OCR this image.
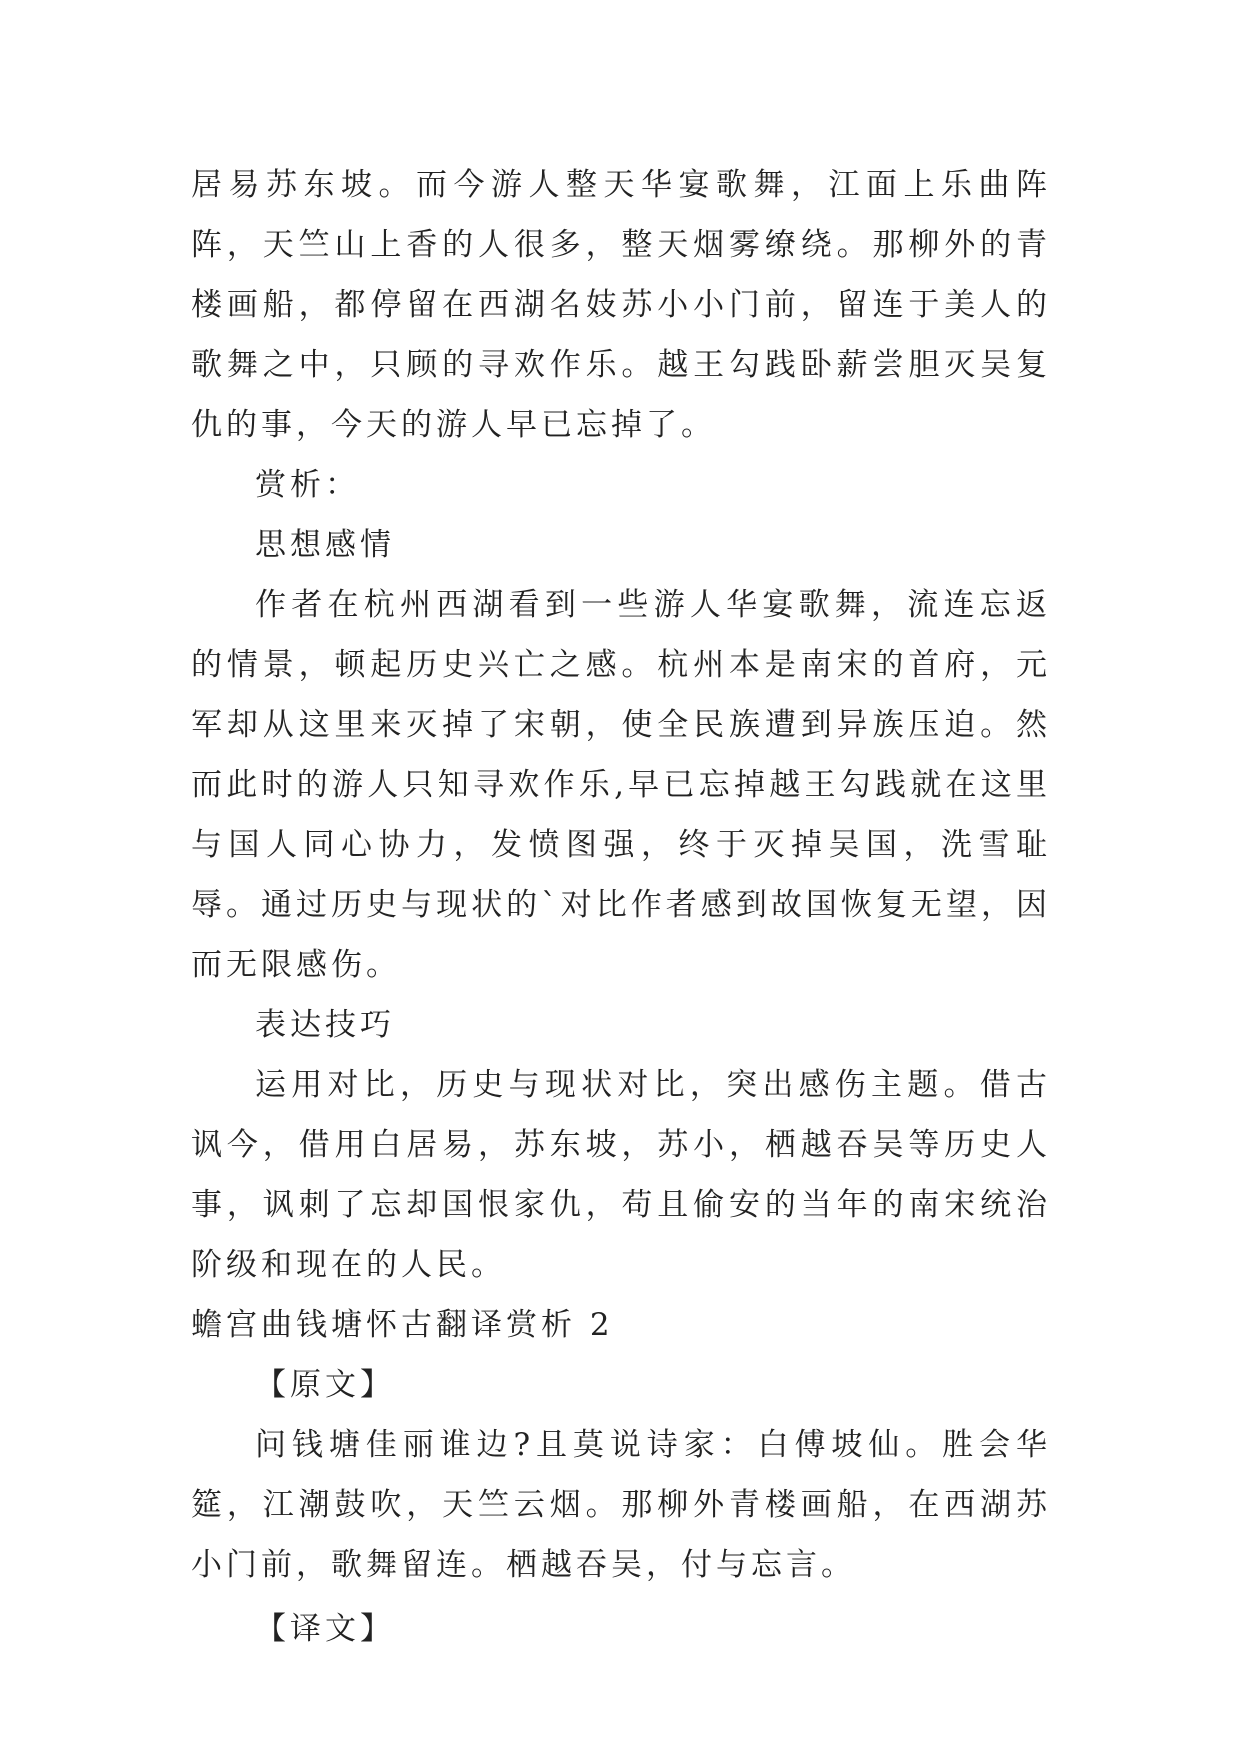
居易苏东坡。而今游人整天华宴歌舞，江面上乐曲阵阵，天竺山上香的人很多，整天烟雾缭绕。那柳外的青楼画船，都停留在西湖名妓苏小小门前，留连于美人的歌舞之中，只顾的寻欢作乐。越王勾践卧薪尝胆灭吴复仇的事，今天的游人早已忘掉了。

赏析：

思想感情

作者在杭州西湖看到一些游人华宴歌舞，流连忘返的情景，顿起历史兴亡之感。杭州本是南宋的首府，元军却从这里来灭掉了宋朝，使全民族遭到异族压迫。然而此时的游人只知寻欢作乐,早已忘掉越王勾践就在这里与国人同心协力，发愤图强，终于灭掉吴国，洗雪耻辱。通过历史与现状的`对比作者感到故国恢复无望，因而无限感伤。

表达技巧

运用对比，历史与现状对比，突出感伤主题。借古讽今，借用白居易，苏东坡，苏小，栖越吞吴等历史人事，讽刺了忘却国恨家仇，苟且偷安的当年的南宋统治阶级和现在的人民。

蟾宫曲钱塘怀古翻译赏析 2

【原文】

问钱塘佳丽谁边?且莫说诗家：白傅坡仙。胜会华筵，江潮鼓吹，天竺云烟。那柳外青楼画船，在西湖苏小门前，歌舞留连。栖越吞吴，付与忘言。

【译文】
